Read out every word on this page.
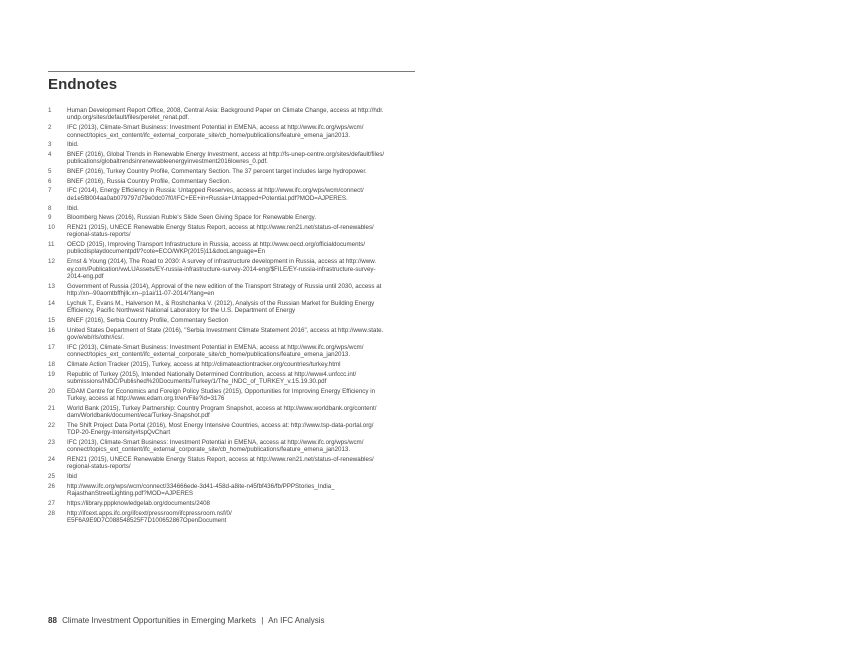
Endnotes
1	Human Development Report Office, 2008, Central Asia: Background Paper on Climate Change, access at http://hdr.
undp.org/sites/default/files/perelet_renat.pdf.
2	IFC (2013), Climate-Smart Business: Investment Potential in EMENA, access at http://www.ifc.org/wps/wcm/
connect/topics_ext_content/ifc_external_corporate_site/cb_home/publications/feature_emena_jan2013.
3	Ibid.
4	BNEF (2016), Global Trends in Renewable Energy Investment, access at http://fs-unep-centre.org/sites/default/files/
publications/globaltrendsinrenewableenergyinvestment2016lowres_0.pdf.
5	BNEF (2016), Turkey Country Profile, Commentary Section. The 37 percent target includes large hydropower.
6	BNEF (2016), Russia Country Profile, Commentary Section.
7	IFC (2014), Energy Efficiency in Russia: Untapped Reserves, access at http://www.ifc.org/wps/wcm/connect/
de1e5f8004aa0ab079797d79e0dc07f0/IFC+EE+in+Russia+Untapped+Potential.pdf?MOD=AJPERES.
8	Ibid.
9	Bloomberg News (2016), Russian Ruble's Slide Seen Giving Space for Renewable Energy.
10	REN21 (2015), UNECE Renewable Energy Status Report, access at http://www.ren21.net/status-of-renewables/
regional-status-reports/
11	OECD (2015), Improving Transport Infrastructure in Russia, access at http://www.oecd.org/officialdocuments/
publicdisplaydocumentpdf/?cote=ECO/WKP(2015)11&docLanguage=En
12	Ernst & Young (2014), The Road to 2030: A survey of infrastructure development in Russia, access at http://www.
ey.com/Publication/vwLUAssets/EY-russia-infrastructure-survey-2014-eng/$FILE/EY-russia-infrastructure-survey-
2014-eng.pdf
13	Government of Russia (2014), Approval of the new edition of the Transport Strategy of Russia until 2030, access at
http://xn--90aomtbffhjlk.xn--p1ai/11-07-2014/?lang=en
14	Lychuk T., Evans M., Halverson M., & Roshchanka V. (2012), Analysis of the Russian Market for Building Energy
Efficiency, Pacific Northwest National Laboratory for the U.S. Department of Energy
15	BNEF (2016), Serbia Country Profile, Commentary Section
16	United States Department of State (2016), "Serbia Investment Climate Statement 2016", access at http://www.state.
gov/e/eb/rls/othr/ics/.
17	IFC (2013), Climate-Smart Business: Investment Potential in EMENA, access at http://www.ifc.org/wps/wcm/
connect/topics_ext_content/ifc_external_corporate_site/cb_home/publications/feature_emena_jan2013.
18	Climate Action Tracker (2015), Turkey, access at http://climateactiontracker.org/countries/turkey.html
19	Republic of Turkey (2015), Intended Nationally Determined Contribution, access at http://www4.unfccc.int/
submissions/INDC/Published%20Documents/Turkey/1/The_INDC_of_TURKEY_v.15.19.30.pdf
20	EDAM Centre for Economics and Foreign Policy Studies (2015), Opportunities for Improving Energy Efficiency in
Turkey, access at http://www.edam.org.tr/en/File?id=3176
21	World Bank (2015), Turkey Partnership: Country Program Snapshot, access at http://www.worldbank.org/content/
dam/Worldbank/document/eca/Turkey-Snapshot.pdf
22	The Shift Project Data Portal (2016), Most Energy Intensive Countries, access at: http://www.tsp-data-portal.org/
TOP-20-Energy-Intensity#tspQvChart
23	IFC (2013), Climate-Smart Business: Investment Potential in EMENA, access at http://www.ifc.org/wps/wcm/
connect/topics_ext_content/ifc_external_corporate_site/cb_home/publications/feature_emena_jan2013.
24	REN21 (2015), UNECE Renewable Energy Status Report, access at http://www.ren21.net/status-of-renewables/
regional-status-reports/
25	Ibid
26	http://www.ifc.org/wps/wcm/connect/334666ede-3d41-458d-a8ite-n45fbf436/fb/PPPStories_India_
RajasthanStreetLighting.pdf?MOD=AJPERES
27	https://library.pppknowledgelab.org/documents/2408
28	http://ifcext.apps.ifc.org/ifcext/pressroom/ifcpressroom.nsf/0/
E5F6A9E9D7C088548525F7D100652867OpenDocument
88 Climate Investment Opportunities in Emerging Markets | An IFC Analysis
